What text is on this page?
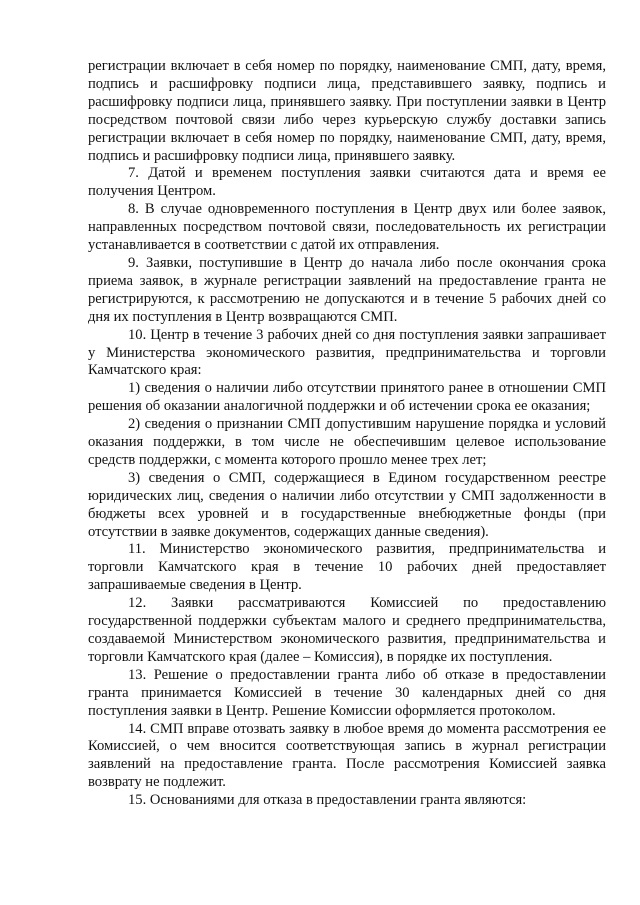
регистрации включает в себя номер по порядку, наименование СМП, дату, время, подпись и расшифровку подписи лица, представившего заявку, подпись и расшифровку подписи лица, принявшего заявку. При поступлении заявки в Центр посредством почтовой связи либо через курьерскую службу доставки запись регистрации включает в себя номер по порядку, наименование СМП, дату, время, подпись и расшифровку подписи лица, принявшего заявку.

7. Датой и временем поступления заявки считаются дата и время ее получения Центром.

8. В случае одновременного поступления в Центр двух или более заявок, направленных посредством почтовой связи, последовательность их регистрации устанавливается в соответствии с датой их отправления.

9. Заявки, поступившие в Центр до начала либо после окончания срока приема заявок, в журнале регистрации заявлений на предоставление гранта не регистрируются, к рассмотрению не допускаются и в течение 5 рабочих дней со дня их поступления в Центр возвращаются СМП.

10. Центр в течение 3 рабочих дней со дня поступления заявки запрашивает у Министерства экономического развития, предпринимательства и торговли Камчатского края:

1) сведения о наличии либо отсутствии принятого ранее в отношении СМП решения об оказании аналогичной поддержки и об истечении срока ее оказания;

2) сведения о признании СМП допустившим нарушение порядка и условий оказания поддержки, в том числе не обеспечившим целевое использование средств поддержки, с момента которого прошло менее трех лет;

3) сведения о СМП, содержащиеся в Едином государственном реестре юридических лиц, сведения о наличии либо отсутствии у СМП задолженности в бюджеты всех уровней и в государственные внебюджетные фонды (при отсутствии в заявке документов, содержащих данные сведения).

11. Министерство экономического развития, предпринимательства и торговли Камчатского края в течение 10 рабочих дней предоставляет запрашиваемые сведения в Центр.

12. Заявки рассматриваются Комиссией по предоставлению государственной поддержки субъектам малого и среднего предпринимательства, создаваемой Министерством экономического развития, предпринимательства и торговли Камчатского края (далее – Комиссия), в порядке их поступления.

13. Решение о предоставлении гранта либо об отказе в предоставлении гранта принимается Комиссией в течение 30 календарных дней со дня поступления заявки в Центр. Решение Комиссии оформляется протоколом.

14. СМП вправе отозвать заявку в любое время до момента рассмотрения ее Комиссией, о чем вносится соответствующая запись в журнал регистрации заявлений на предоставление гранта. После рассмотрения Комиссией заявка возврату не подлежит.

15. Основаниями для отказа в предоставлении гранта являются:
